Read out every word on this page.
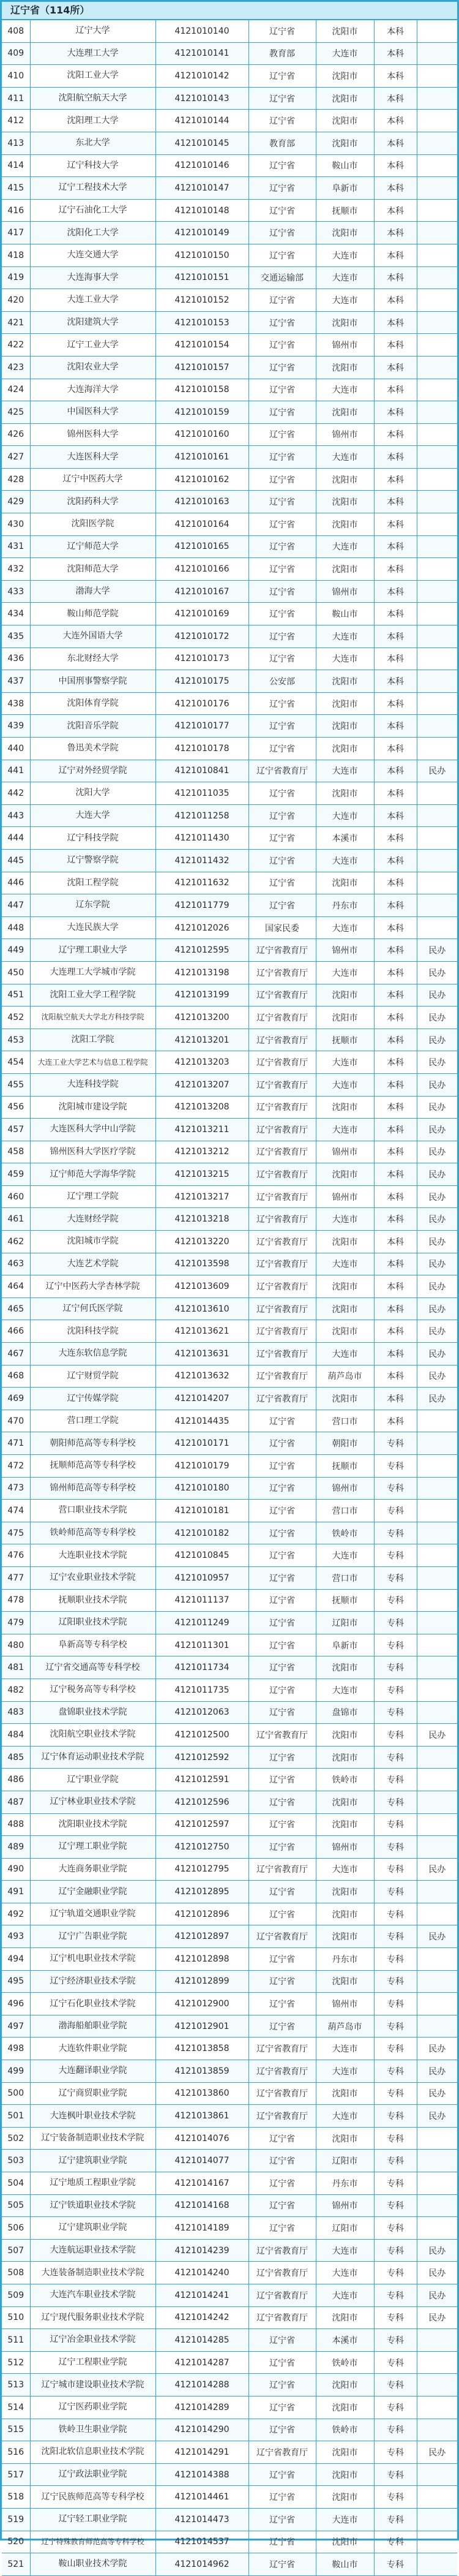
辽宁省（114所）
408	辽宁大学	4121010140	辽宁省	沈阳市	本科	
409	大连理工大学	4121010141	教育部	大连市	本科	
410	沈阳工业大学	4121010142	辽宁省	沈阳市	本科	
411	沈阳航空航天大学	4121010143	辽宁省	沈阳市	本科	
412	沈阳理工大学	4121010144	辽宁省	沈阳市	本科	
413	东北大学	4121010145	教育部	沈阳市	本科	
414	辽宁科技大学	4121010146	辽宁省	鞍山市	本科	
415	辽宁工程技术大学	4121010147	辽宁省	阜新市	本科	
416	辽宁石油化工大学	4121010148	辽宁省	抚顺市	本科	
417	沈阳化工大学	4121010149	辽宁省	沈阳市	本科	
418	大连交通大学	4121010150	辽宁省	大连市	本科	
419	大连海事大学	4121010151	交通运输部	大连市	本科	
420	大连工业大学	4121010152	辽宁省	大连市	本科	
421	沈阳建筑大学	4121010153	辽宁省	沈阳市	本科	
422	辽宁工业大学	4121010154	辽宁省	锦州市	本科	
423	沈阳农业大学	4121010157	辽宁省	沈阳市	本科	
424	大连海洋大学	4121010158	辽宁省	大连市	本科	
425	中国医科大学	4121010159	辽宁省	沈阳市	本科	
426	锦州医科大学	4121010160	辽宁省	锦州市	本科	
427	大连医科大学	4121010161	辽宁省	大连市	本科	
428	辽宁中医药大学	4121010162	辽宁省	沈阳市	本科	
429	沈阳药科大学	4121010163	辽宁省	沈阳市	本科	
430	沈阳医学院	4121010164	辽宁省	沈阳市	本科	
431	辽宁师范大学	4121010165	辽宁省	大连市	本科	
432	沈阳师范大学	4121010166	辽宁省	沈阳市	本科	
433	渤海大学	4121010167	辽宁省	锦州市	本科	
434	鞍山师范学院	4121010169	辽宁省	鞍山市	本科	
435	大连外国语大学	4121010172	辽宁省	大连市	本科	
436	东北财经大学	4121010173	辽宁省	大连市	本科	
437	中国刑事警察学院	4121010175	公安部	沈阳市	本科	
438	沈阳体育学院	4121010176	辽宁省	沈阳市	本科	
439	沈阳音乐学院	4121010177	辽宁省	沈阳市	本科	
440	鲁迅美术学院	4121010178	辽宁省	沈阳市	本科	
441	辽宁对外经贸学院	4121010841	辽宁省教育厅	大连市	本科	民办
442	沈阳大学	4121011035	辽宁省	沈阳市	本科	
443	大连大学	4121011258	辽宁省	大连市	本科	
444	辽宁科技学院	4121011430	辽宁省	本溪市	本科	
445	辽宁警察学院	4121011432	辽宁省	大连市	本科	
446	沈阳工程学院	4121011632	辽宁省	沈阳市	本科	
447	辽东学院	4121011779	辽宁省	丹东市	本科	
448	大连民族大学	4121012026	国家民委	大连市	本科	
449	辽宁理工职业大学	4121012595	辽宁省教育厅	锦州市	本科	民办
450	大连理工大学城市学院	4121013198	辽宁省教育厅	大连市	本科	民办
451	沈阳工业大学工程学院	4121013199	辽宁省教育厅	沈阳市	本科	民办
452	沈阳航空航天大学北方科技学院	4121013200	辽宁省教育厅	沈阳市	本科	民办
453	沈阳工学院	4121013201	辽宁省教育厅	抚顺市	本科	民办
454	大连工业大学艺术与信息工程学院	4121013203	辽宁省教育厅	大连市	本科	民办
455	大连科技学院	4121013207	辽宁省教育厅	大连市	本科	民办
456	沈阳城市建设学院	4121013208	辽宁省教育厅	沈阳市	本科	民办
457	大连医科大学中山学院	4121013211	辽宁省教育厅	大连市	本科	民办
458	锦州医科大学医疗学院	4121013212	辽宁省教育厅	锦州市	本科	民办
459	辽宁师范大学海华学院	4121013215	辽宁省教育厅	沈阳市	本科	民办
460	辽宁理工学院	4121013217	辽宁省教育厅	锦州市	本科	民办
461	大连财经学院	4121013218	辽宁省教育厅	大连市	本科	民办
462	沈阳城市学院	4121013220	辽宁省教育厅	沈阳市	本科	民办
463	大连艺术学院	4121013598	辽宁省教育厅	大连市	本科	民办
464	辽宁中医药大学杏林学院	4121013609	辽宁省教育厅	沈阳市	本科	民办
465	辽宁何氏医学院	4121013610	辽宁省教育厅	沈阳市	本科	民办
466	沈阳科技学院	4121013621	辽宁省教育厅	沈阳市	本科	民办
467	大连东软信息学院	4121013631	辽宁省教育厅	大连市	本科	民办
468	辽宁财贸学院	4121013632	辽宁省教育厅	葫芦岛市	本科	民办
469	辽宁传媒学院	4121014207	辽宁省教育厅	沈阳市	本科	民办
470	营口理工学院	4121014435	辽宁省	营口市	本科	
471	朝阳师范高等专科学校	4121010171	辽宁省	朝阳市	专科	
472	抚顺师范高等专科学校	4121010179	辽宁省	抚顺市	专科	
473	锦州师范高等专科学校	4121010180	辽宁省	锦州市	专科	
474	营口职业技术学院	4121010181	辽宁省	营口市	专科	
475	铁岭师范高等专科学校	4121010182	辽宁省	铁岭市	专科	
476	大连职业技术学院	4121010845	辽宁省	大连市	专科	
477	辽宁农业职业技术学院	4121010957	辽宁省	营口市	专科	
478	抚顺职业技术学院	4121011137	辽宁省	抚顺市	专科	
479	辽阳职业技术学院	4121011249	辽宁省	辽阳市	专科	
480	阜新高等专科学校	4121011301	辽宁省	阜新市	专科	
481	辽宁省交通高等专科学校	4121011734	辽宁省	沈阳市	专科	
482	辽宁税务高等专科学校	4121011735	辽宁省	大连市	专科	
483	盘锦职业技术学院	4121012063	辽宁省	盘锦市	专科	
484	沈阳航空职业技术学院	4121012500	辽宁省教育厅	沈阳市	专科	民办
485	辽宁体育运动职业技术学院	4121012592	辽宁省	沈阳市	专科	
486	辽宁职业学院	4121012591	辽宁省	铁岭市	专科	
487	辽宁林业职业技术学院	4121012596	辽宁省	沈阳市	专科	
488	沈阳职业技术学院	4121012597	辽宁省	沈阳市	专科	
489	辽宁理工职业学院	4121012750	辽宁省	锦州市	专科	
490	大连商务职业学院	4121012795	辽宁省教育厅	大连市	专科	民办
491	辽宁金融职业学院	4121012895	辽宁省	沈阳市	专科	
492	辽宁轨道交通职业学院	4121012896	辽宁省	沈阳市	专科	
493	辽宁广告职业学院	4121012897	辽宁省教育厅	沈阳市	专科	民办
494	辽宁机电职业技术学院	4121012898	辽宁省	丹东市	专科	
495	辽宁经济职业技术学院	4121012899	辽宁省	沈阳市	专科	
496	辽宁石化职业技术学院	4121012900	辽宁省	锦州市	专科	
497	渤海船舶职业学院	4121012901	辽宁省	葫芦岛市	专科	
498	大连软件职业学院	4121013858	辽宁省教育厅	大连市	专科	民办
499	大连翻译职业学院	4121013859	辽宁省教育厅	大连市	专科	民办
500	辽宁商贸职业学院	4121013860	辽宁省教育厅	沈阳市	专科	民办
501	大连枫叶职业技术学院	4121013861	辽宁省教育厅	大连市	专科	民办
502	辽宁装备制造职业技术学院	4121014076	辽宁省	沈阳市	专科	
503	辽宁建筑职业学院	4121014077	辽宁省	辽阳市	专科	
504	辽宁地质工程职业学院	4121014167	辽宁省	丹东市	专科	
505	辽宁铁道职业技术学院	4121014168	辽宁省	锦州市	专科	
506	辽宁建筑职业学院	4121014189	辽宁省	辽阳市	专科	
507	大连航运职业技术学院	4121014239	辽宁省教育厅	大连市	专科	民办
508	大连装备制造职业技术学院	4121014240	辽宁省教育厅	大连市	专科	民办
509	大连汽车职业技术学院	4121014241	辽宁省教育厅	大连市	专科	民办
510	辽宁现代服务职业技术学院	4121014242	辽宁省教育厅	沈阳市	专科	民办
511	辽宁冶金职业技术学院	4121014285	辽宁省	本溪市	专科	
512	辽宁工程职业学院	4121014287	辽宁省	铁岭市	专科	
513	辽宁城市建设职业技术学院	4121014288	辽宁省	沈阳市	专科	
514	辽宁医药职业学院	4121014289	辽宁省	沈阳市	专科	
515	铁岭卫生职业学院	4121014290	辽宁省	铁岭市	专科	
516	沈阳北软信息职业技术学院	4121014291	辽宁省教育厅	沈阳市	专科	民办
517	辽宁政法职业学院	4121014388	辽宁省	沈阳市	专科	
518	辽宁民族师范高等专科学校	4121014461	辽宁省	沈阳市	专科	
519	辽宁轻工职业学院	4121014473	辽宁省	大连市	专科	
520	辽宁特殊教育师范高等专科学校	4121014537	辽宁省	沈阳市	专科	
521	鞍山职业技术学院	4121014962	辽宁省	鞍山市	专科	
